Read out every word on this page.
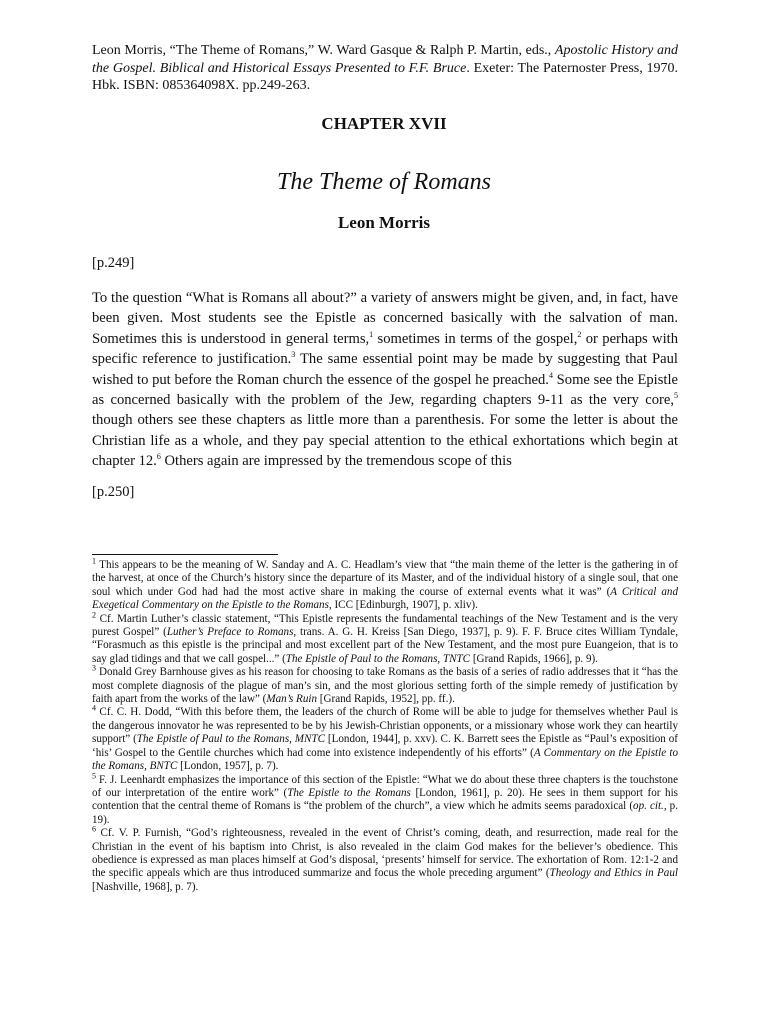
Leon Morris, “The Theme of Romans,” W. Ward Gasque & Ralph P. Martin, eds., Apostolic History and the Gospel. Biblical and Historical Essays Presented to F.F. Bruce. Exeter: The Paternoster Press, 1970. Hbk. ISBN: 085364098X. pp.249-263.
CHAPTER XVII
The Theme of Romans
Leon Morris
[p.249]
To the question “What is Romans all about?” a variety of answers might be given, and, in fact, have been given. Most students see the Epistle as concerned basically with the salvation of man. Sometimes this is understood in general terms,$^1$ sometimes in terms of the gospel,$^2$ or perhaps with specific reference to justification.$^3$ The same essential point may be made by suggesting that Paul wished to put before the Roman church the essence of the gospel he preached.$^4$ Some see the Epistle as concerned basically with the problem of the Jew, regarding chapters 9-11 as the very core,$^5$ though others see these chapters as little more than a parenthesis. For some the letter is about the Christian life as a whole, and they pay special attention to the ethical exhortations which begin at chapter 12.$^6$ Others again are impressed by the tremendous scope of this
[p.250]

$^1$ This appears to be the meaning of W. Sanday and A. C. Headlam’s view that “the main theme of the letter is the gathering in of the harvest, at once of the Church’s history since the departure of its Master, and of the individual history of a single soul, that one soul which under God had had the most active share in making the course of external events what it was” (A Critical and Exegetical Commentary on the Epistle to the Romans, ICC [Edinburgh, 1907], p. xliv).

$^2$ Cf. Martin Luther’s classic statement, “This Epistle represents the fundamental teachings of the New Testament and is the very purest Gospel” (Luther’s Preface to Romans, trans. A. G. H. Kreiss [San Diego, 1937], p. 9). F. F. Bruce cites William Tyndale, “Forasmuch as this epistle is the principal and most excellent part of the New Testament, and the most pure Euangeion, that is to say glad tidings and that we call gospel...” (The Epistle of Paul to the Romans, TNTC [Grand Rapids, 1966], p. 9).

$^3$ Donald Grey Barnhouse gives as his reason for choosing to take Romans as the basis of a series of radio addresses that it “has the most complete diagnosis of the plague of man’s sin, and the most glorious setting forth of the simple remedy of justification by faith apart from the works of the law” (Man’s Ruin [Grand Rapids, 1952], pp. ff.).

$^4$ Cf. C. H. Dodd, “With this before them, the leaders of the church of Rome will be able to judge for themselves whether Paul is the dangerous innovator he was represented to be by his Jewish-Christian opponents, or a missionary whose work they can heartily support” (The Epistle of Paul to the Romans, MNTC [London, 1944], p. xxv). C. K. Barrett sees the Epistle as “Paul’s exposition of ‘his’ Gospel to the Gentile churches which had come into existence independently of his efforts” (A Commentary on the Epistle to the Romans, BNTC [London, 1957], p. 7).

$^5$ F. J. Leenhardt emphasizes the importance of this section of the Epistle: “What we do about these three chapters is the touchstone of our interpretation of the entire work” (The Epistle to the Romans [London, 1961], p. 20). He sees in them support for his contention that the central theme of Romans is “the problem of the church”, a view which he admits seems paradoxical (op. cit., p. 19).

$^6$ Cf. V. P. Furnish, “God’s righteousness, revealed in the event of Christ’s coming, death, and resurrection, made real for the Christian in the event of his baptism into Christ, is also revealed in the claim God makes for the believer’s obedience. This obedience is expressed as man places himself at God’s disposal, ‘presents’ himself for service. The exhortation of Rom. 12:1-2 and the specific appeals which are thus introduced summarize and focus the whole preceding argument” (Theology and Ethics in Paul [Nashville, 1968], p. 7).
